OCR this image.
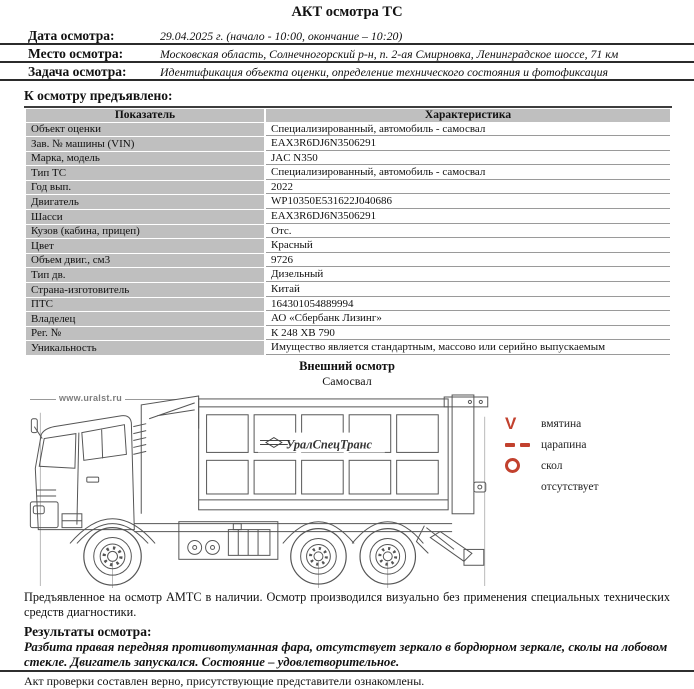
АКТ осмотра ТС
Дата осмотра:	29.04.2025 г. (начало - 10:00, окончание – 10:20)
Место осмотра:	Московская область, Солнечногорский р-н, п. 2-ая Смирновка, Ленинградское шоссе, 71 км
Задача осмотра:	Идентификация объекта оценки, определение технического состояния и фотофиксация
К осмотру предъявлено:
Показатель	Характеристика
Объект оценки	Специализированный, автомобиль - самосвал
Зав. № машины (VIN)	EAX3R6DJ6N3506291
Марка, модель	JAC N350
Тип ТС	Специализированный, автомобиль - самосвал
Год вып.	2022
Двигатель	WP10350E531622J040686
Шасси	EAX3R6DJ6N3506291
Кузов (кабина, прицеп)	Отс.
Цвет	Красный
Объем двиг., см3	9726
Тип дв.	Дизельный
Страна-изготовитель	Китай
ПТС	164301054889994
Владелец	АО «Сбербанк Лизинг»
Рег. №	К 248 ХВ 790
Уникальность	Имущество является стандартным, массово или серийно выпускаемым
Внешний осмотр
Самосвал
www.uralst.ru
УралСпецТранс
V вмятина
царапина
скол
отсутствует

Предъявленное на осмотр АМТС в наличии. Осмотр производился визуально без применения специальных технических средств диагностики.

Результаты осмотра:

Разбита правая передняя противотуманная фара, отсутствует зеркало в бордюрном зеркале, сколы на лобовом стекле. Двигатель запускался. Состояние – удовлетворительное.

Акт проверки составлен верно, присутствующие представители ознакомлены.
